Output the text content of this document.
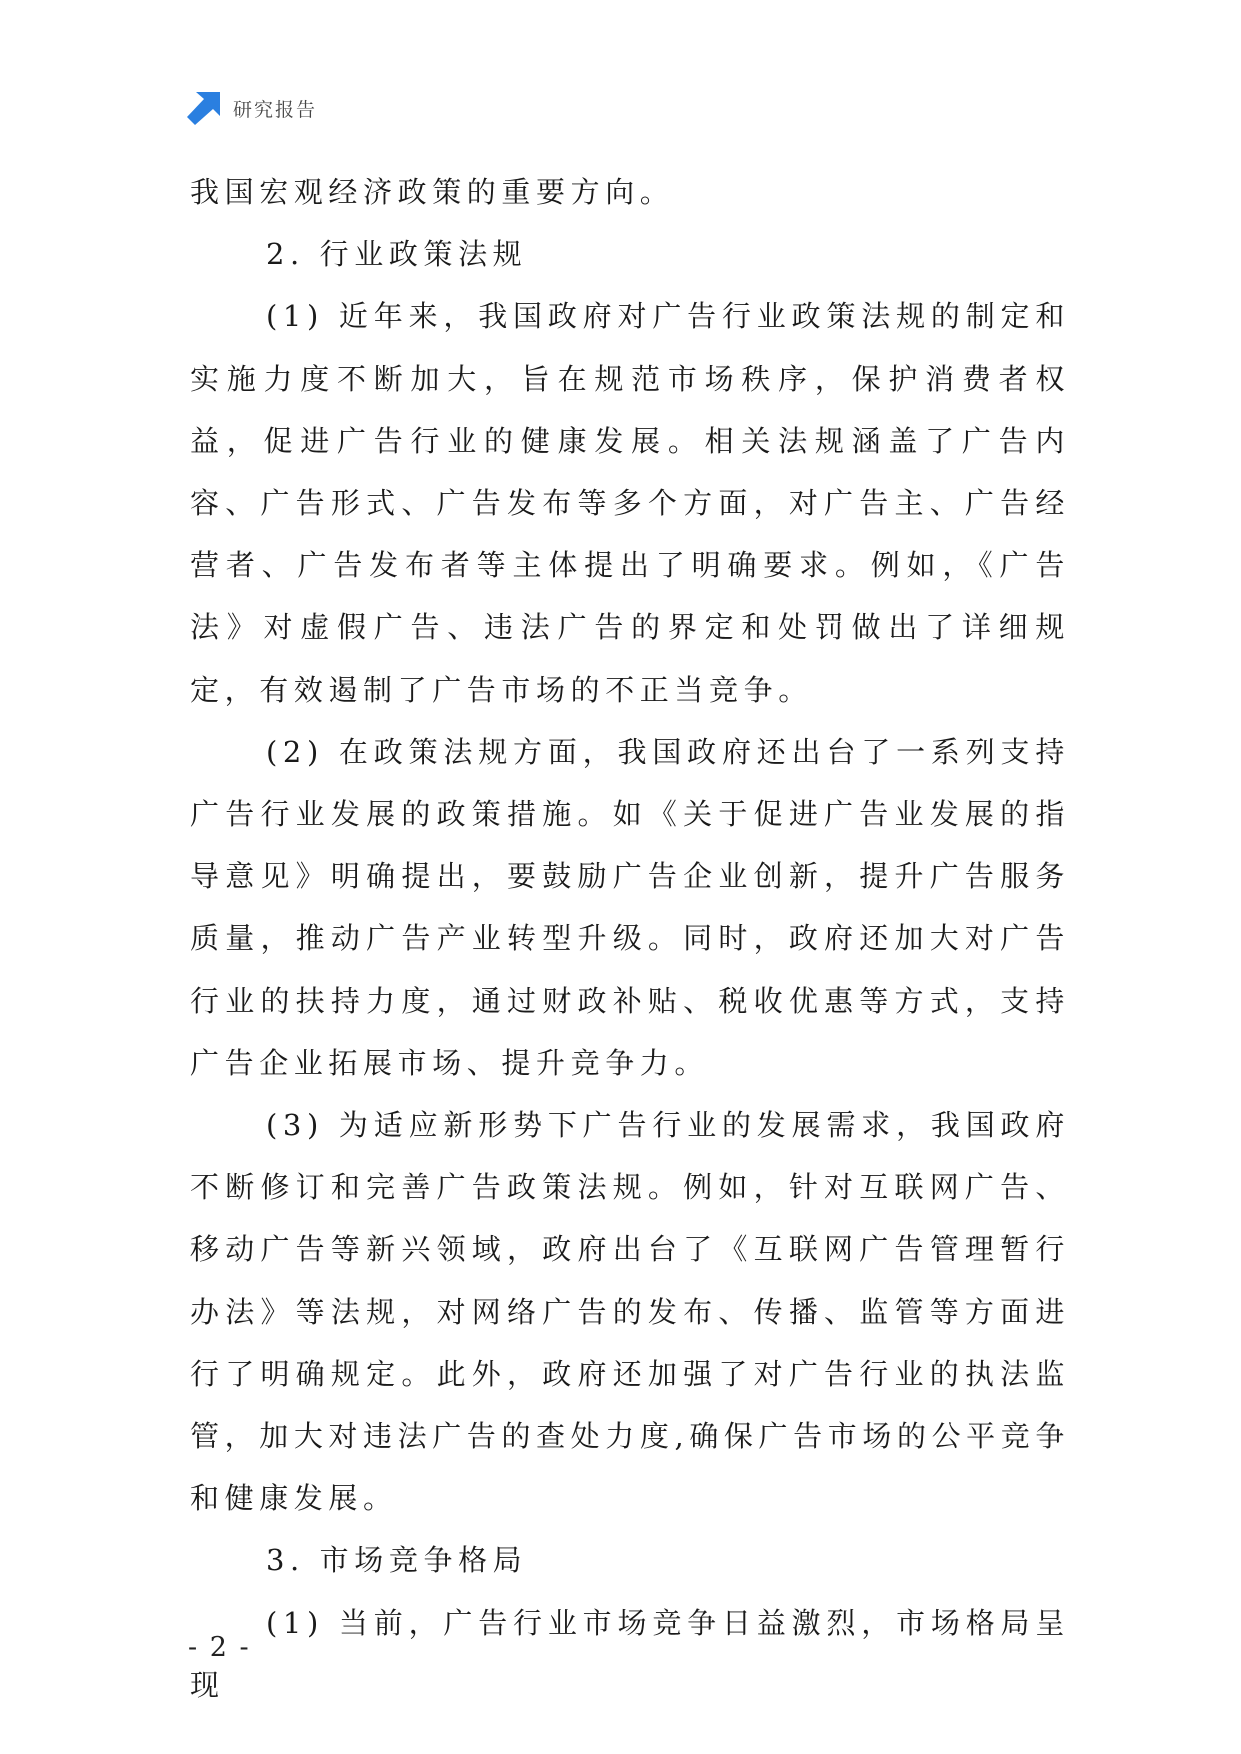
研究报告

我国宏观经济政策的重要方向。

2. 行业政策法规

(1) 近年来，我国政府对广告行业政策法规的制定和实施力度不断加大，旨在规范市场秩序，保护消费者权益，促进广告行业的健康发展。相关法规涵盖了广告内容、广告形式、广告发布等多个方面，对广告主、广告经营者、广告发布者等主体提出了明确要求。例如，《广告法》对虚假广告、违法广告的界定和处罚做出了详细规定，有效遏制了广告市场的不正当竞争。

(2) 在政策法规方面，我国政府还出台了一系列支持广告行业发展的政策措施。如《关于促进广告业发展的指导意见》明确提出，要鼓励广告企业创新，提升广告服务质量，推动广告产业转型升级。同时，政府还加大对广告行业的扶持力度，通过财政补贴、税收优惠等方式，支持广告企业拓展市场、提升竞争力。

(3) 为适应新形势下广告行业的发展需求，我国政府不断修订和完善广告政策法规。例如，针对互联网广告、移动广告等新兴领域，政府出台了《互联网广告管理暂行办法》等法规，对网络广告的发布、传播、监管等方面进行了明确规定。此外，政府还加强了对广告行业的执法监管，加大对违法广告的查处力度,确保广告市场的公平竞争和健康发展。

3. 市场竞争格局

(1) 当前，广告行业市场竞争日益激烈，市场格局呈现

- 2 -
